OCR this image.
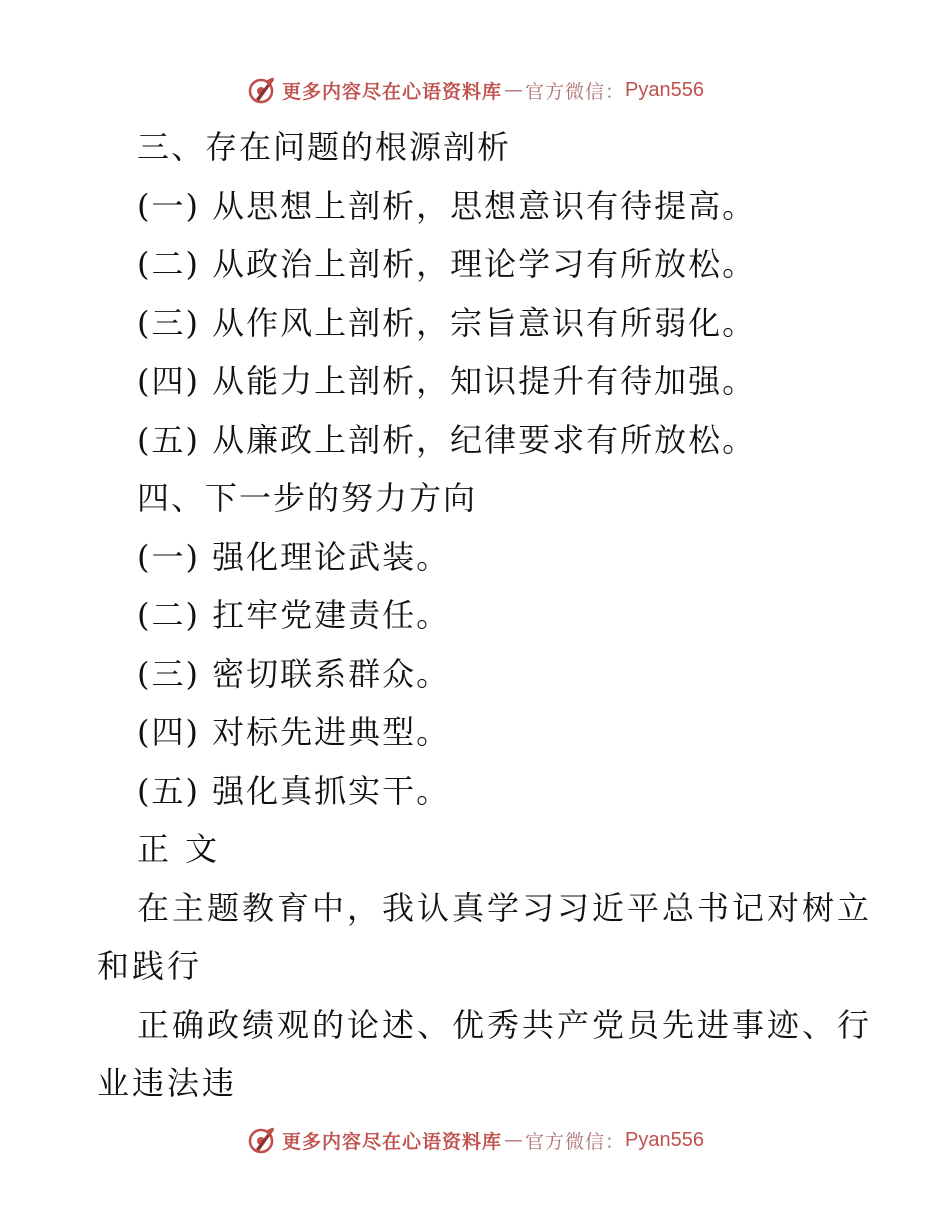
更多内容尽在心语资料库 — 官方微信： Pyan556
三、存在问题的根源剖析
(一) 从思想上剖析，思想意识有待提高。
(二) 从政治上剖析，理论学习有所放松。
(三) 从作风上剖析，宗旨意识有所弱化。
(四) 从能力上剖析，知识提升有待加强。
(五) 从廉政上剖析，纪律要求有所放松。
四、下一步的努力方向
(一) 强化理论武装。
(二) 扛牢党建责任。
(三) 密切联系群众。
(四) 对标先进典型。
(五) 强化真抓实干。
正 文
在主题教育中，我认真学习习近平总书记对树立
和践行
正确政绩观的论述、优秀共产党员先进事迹、行
业违法违
更多内容尽在心语资料库 — 官方微信： Pyan556
